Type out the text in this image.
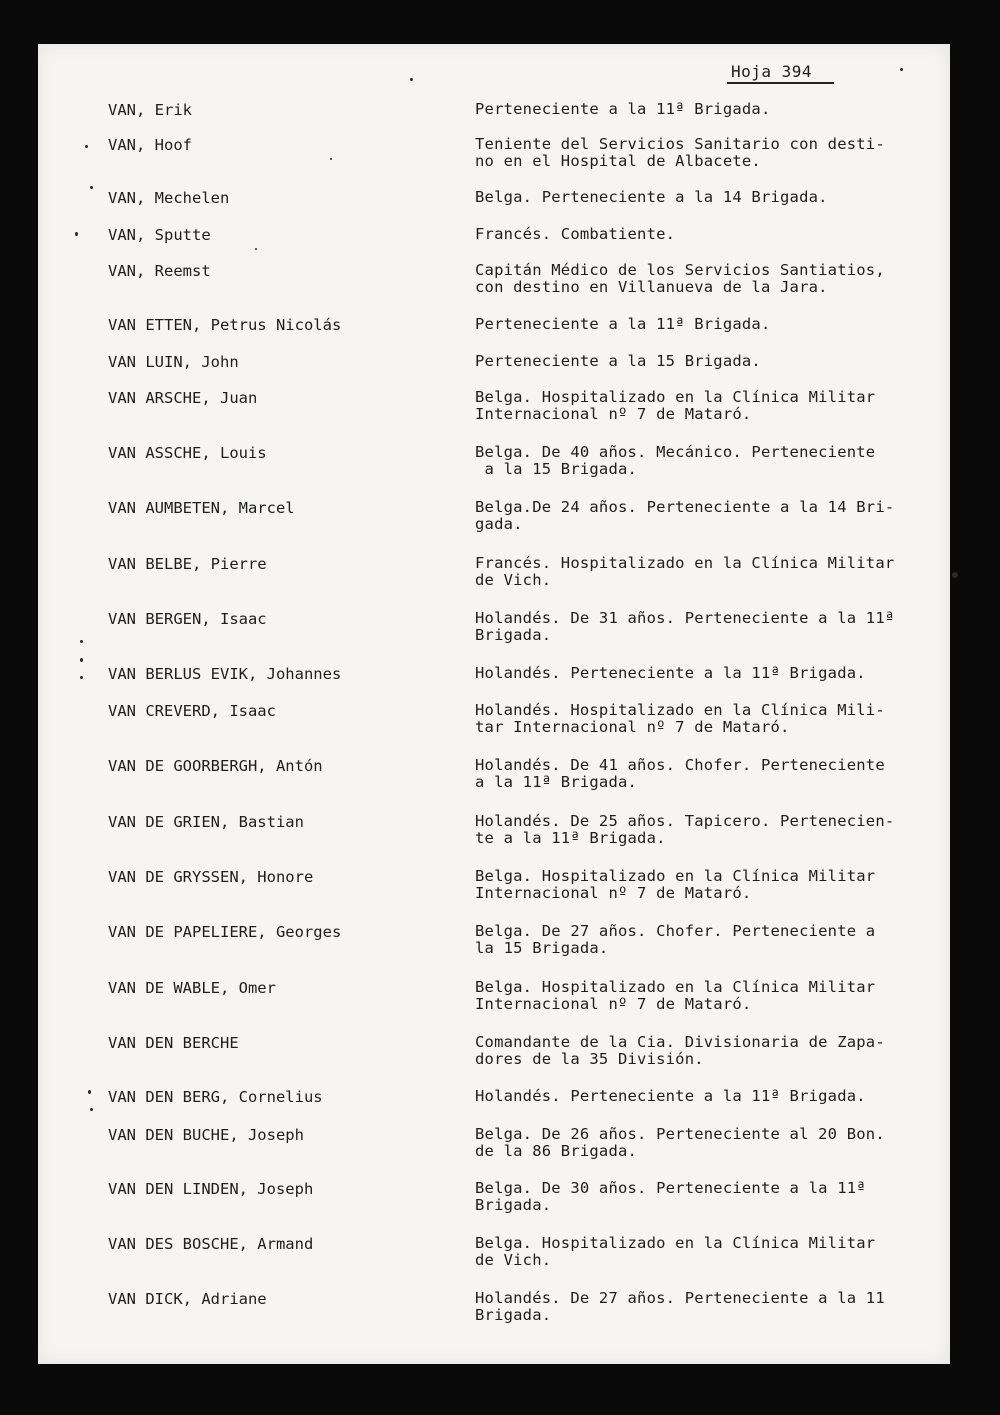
Hoja 394
VAN, Erik	Perteneciente a la 11ª Brigada.
VAN, Hoof	Teniente del Servicios Sanitario con desti-
no en el Hospital de Albacete.
VAN, Mechelen	Belga. Perteneciente a la 14 Brigada.
VAN, Sputte	Francés. Combatiente.
VAN, Reemst	Capitán Médico de los Servicios Santiatios,
con destino en Villanueva de la Jara.
VAN ETTEN, Petrus Nicolás	Perteneciente a la 11ª Brigada.
VAN LUIN, John	Perteneciente a la 15 Brigada.
VAN ARSCHE, Juan	Belga. Hospitalizado en la Clínica Militar
Internacional nº 7 de Mataró.
VAN ASSCHE, Louis	Belga. De 40 años. Mecánico. Perteneciente
a la 15 Brigada.
VAN AUMBETEN, Marcel	Belga.De 24 años. Perteneciente a la 14 Bri-
gada.
VAN BELBE, Pierre	Francés. Hospitalizado en la Clínica Militar
de Vich.
VAN BERGEN, Isaac	Holandés. De 31 años. Perteneciente a la 11ª
Brigada.
VAN BERLUS EVIK, Johannes	Holandés. Perteneciente a la 11ª Brigada.
VAN CREVERD, Isaac	Holandés. Hospitalizado en la Clínica Mili-
tar Internacional nº 7 de Mataró.
VAN DE GOORBERGH, Antón	Holandés. De 41 años. Chofer. Perteneciente
a la 11ª Brigada.
VAN DE GRIEN, Bastian	Holandés. De 25 años. Tapicero. Pertenecien-
te a la 11ª Brigada.
VAN DE GRYSSEN, Honore	Belga. Hospitalizado en la Clínica Militar
Internacional nº 7 de Mataró.
VAN DE PAPELIERE, Georges	Belga. De 27 años. Chofer. Perteneciente a
la 15 Brigada.
VAN DE WABLE, Omer	Belga. Hospitalizado en la Clínica Militar
Internacional nº 7 de Mataró.
VAN DEN BERCHE	Comandante de la Cia. Divisionaria de Zapa-
dores de la 35 División.
VAN DEN BERG, Cornelius	Holandés. Perteneciente a la 11ª Brigada.
VAN DEN BUCHE, Joseph	Belga. De 26 años. Perteneciente al 20 Bon.
de la 86 Brigada.
VAN DEN LINDEN, Joseph	Belga. De 30 años. Perteneciente a la 11ª
Brigada.
VAN DES BOSCHE, Armand	Belga. Hospitalizado en la Clínica Militar
de Vich.
VAN DICK, Adriane	Holandés. De 27 años. Perteneciente a la 11
Brigada.
